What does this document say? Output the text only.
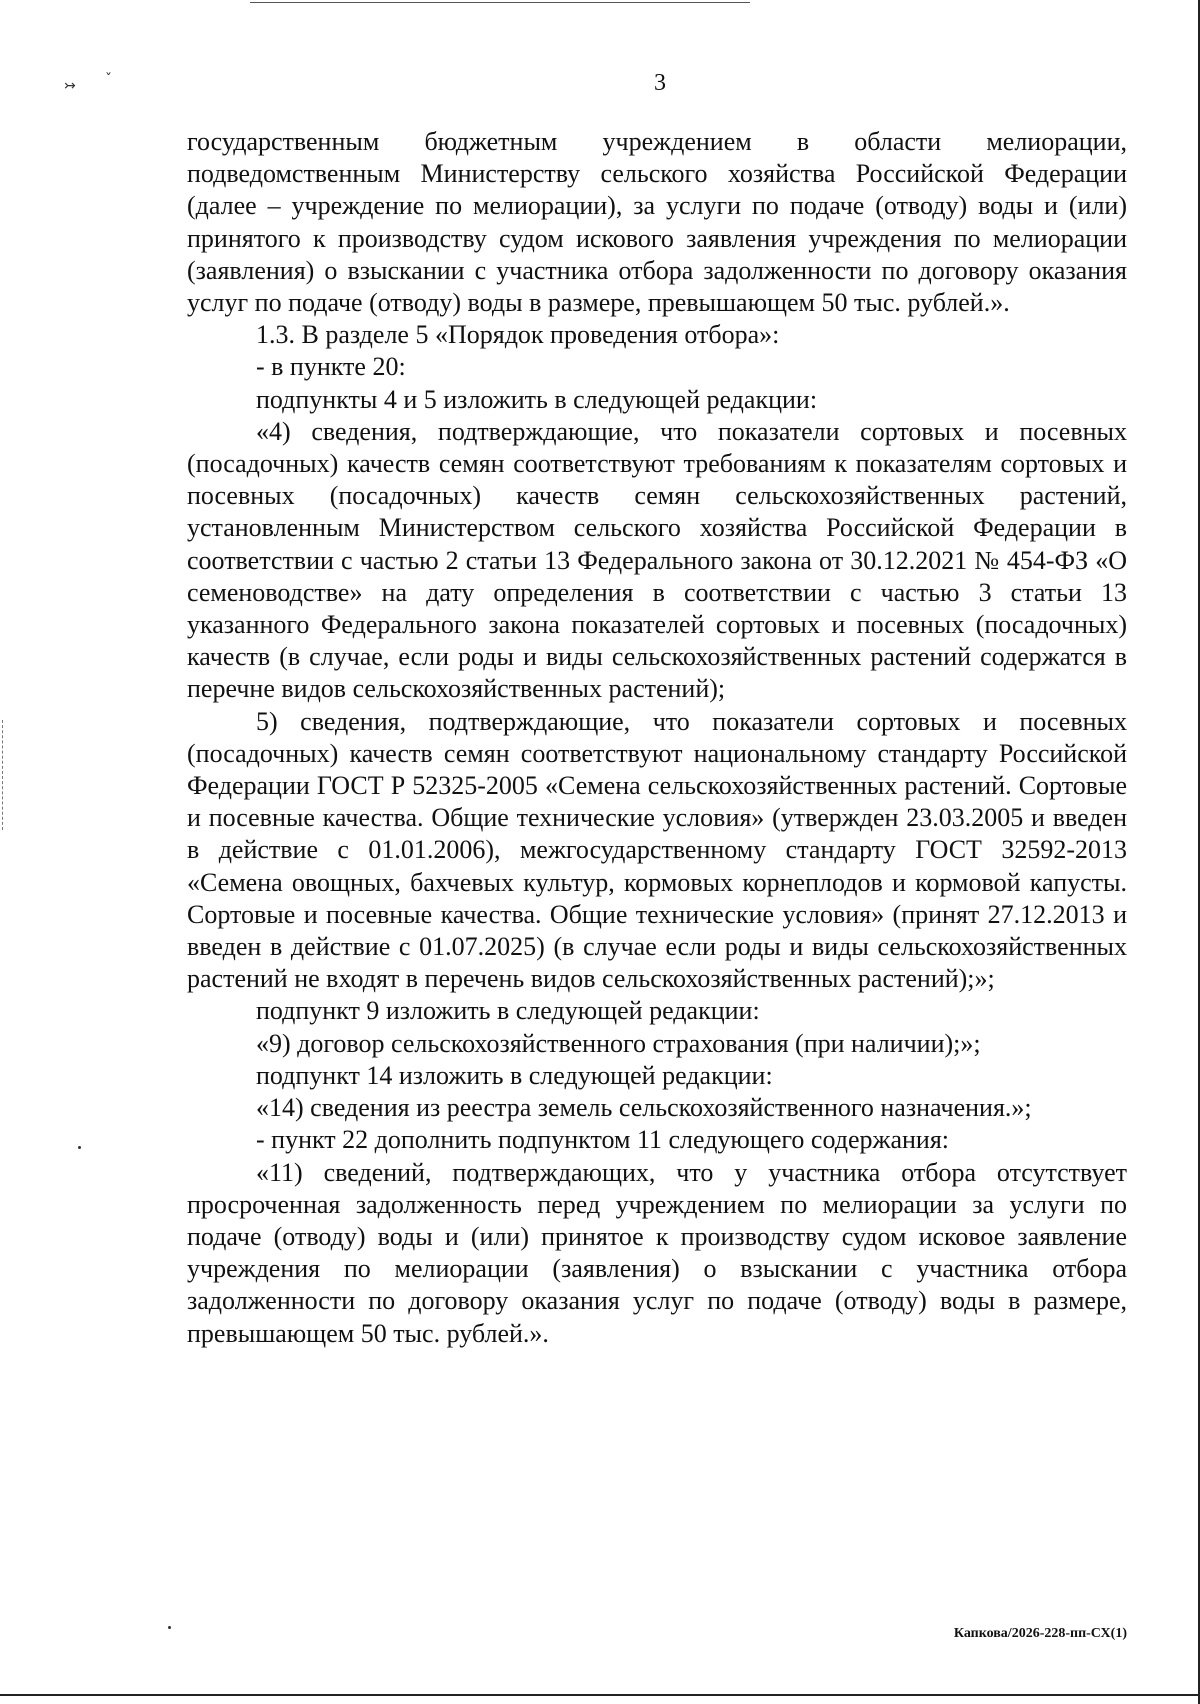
↣ ˇ	3

государственным бюджетным учреждением в области мелиорации, подведомственным Министерству сельского хозяйства Российской Федерации (далее – учреждение по мелиорации), за услуги по подаче (отводу) воды и (или) принятого к производству судом искового заявления учреждения по мелиорации (заявления) о взыскании с участника отбора задолженности по договору оказания услуг по подаче (отводу) воды в размере, превышающем 50 тыс. рублей.».

1.3. В разделе 5 «Порядок проведения отбора»:

- в пункте 20:

подпункты 4 и 5 изложить в следующей редакции:

«4) сведения, подтверждающие, что показатели сортовых и посевных (посадочных) качеств семян соответствуют требованиям к показателям сортовых и посевных (посадочных) качеств семян сельскохозяйственных растений, установленным Министерством сельского хозяйства Российской Федерации в соответствии с частью 2 статьи 13 Федерального закона от 30.12.2021 № 454-ФЗ «О семеноводстве» на дату определения в соответствии с частью 3 статьи 13 указанного Федерального закона показателей сортовых и посевных (посадочных) качеств (в случае, если роды и виды сельскохозяйственных растений содержатся в перечне видов сельскохозяйственных растений);

5) сведения, подтверждающие, что показатели сортовых и посевных (посадочных) качеств семян соответствуют национальному стандарту Российской Федерации ГОСТ Р 52325-2005 «Семена сельскохозяйственных растений. Сортовые и посевные качества. Общие технические условия» (утвержден 23.03.2005 и введен в действие с 01.01.2006), межгосударственному стандарту ГОСТ 32592-2013 «Семена овощных, бахчевых культур, кормовых корнеплодов и кормовой капусты. Сортовые и посевные качества. Общие технические условия» (принят 27.12.2013 и введен в действие с 01.07.2025) (в случае если роды и виды сельскохозяйственных растений не входят в перечень видов сельскохозяйственных растений);»;

подпункт 9 изложить в следующей редакции:

«9) договор сельскохозяйственного страхования (при наличии);»;

подпункт 14 изложить в следующей редакции:

«14) сведения из реестра земель сельскохозяйственного назначения.»;

- пункт 22 дополнить подпунктом 11 следующего содержания:

«11) сведений, подтверждающих, что у участника отбора отсутствует просроченная задолженность перед учреждением по мелиорации за услуги по подаче (отводу) воды и (или) принятое к производству судом исковое заявление учреждения по мелиорации (заявления) о взыскании с участника отбора задолженности по договору оказания услуг по подаче (отводу) воды в размере, превышающем 50 тыс. рублей.».

Капкова/2026-228-пп-СХ(1)
